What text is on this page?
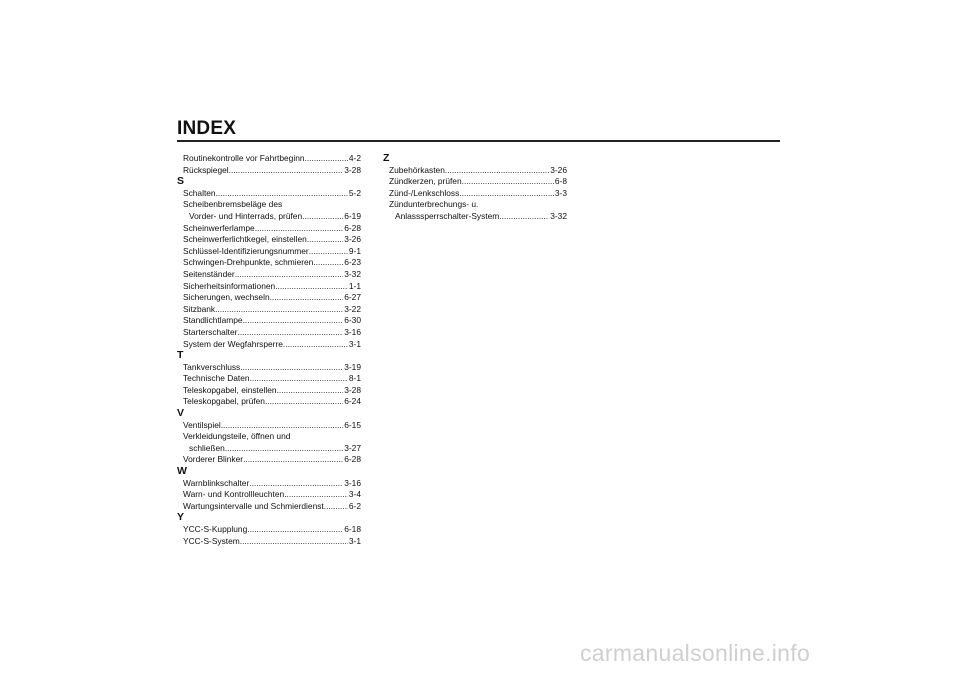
INDEX
Routinekontrolle vor Fahrtbeginn .....	4-2
Rückspiegel .....	3-28
S
Schalten .....	5-2
Scheibenbremsbeläge des
Vorder- und Hinterrads, prüfen .....	6-19
Scheinwerferlampe .....	6-28
Scheinwerferlichtkegel, einstellen .....	3-26
Schlüssel-Identifizierungsnummer .....	9-1
Schwingen-Drehpunkte, schmieren .....	6-23
Seitenständer .....	3-32
Sicherheitsinformationen .....	1-1
Sicherungen, wechseln .....	6-27
Sitzbank .....	3-22
Standlichtlampe .....	6-30
Starterschalter .....	3-16
System der Wegfahrsperre .....	3-1
T
Tankverschluss .....	3-19
Technische Daten .....	8-1
Teleskopgabel, einstellen .....	3-28
Teleskopgabel, prüfen .....	6-24
V
Ventilspiel .....	6-15
Verkleidungsteile, öffnen und
schließen .....	3-27
Vorderer Blinker .....	6-28
W
Warnblinkschalter .....	3-16
Warn- und Kontrollleuchten .....	3-4
Wartungsintervalle und Schmierdienst .....	6-2
Y
YCC-S-Kupplung .....	6-18
YCC-S-System .....	3-1
Z
Zubehörkasten .....	3-26
Zündkerzen, prüfen .....	6-8
Zünd-/Lenkschloss .....	3-3
Zündunterbrechungs- u.
Anlasssperrschalter-System .....	3-32
carmanualsonline.info
